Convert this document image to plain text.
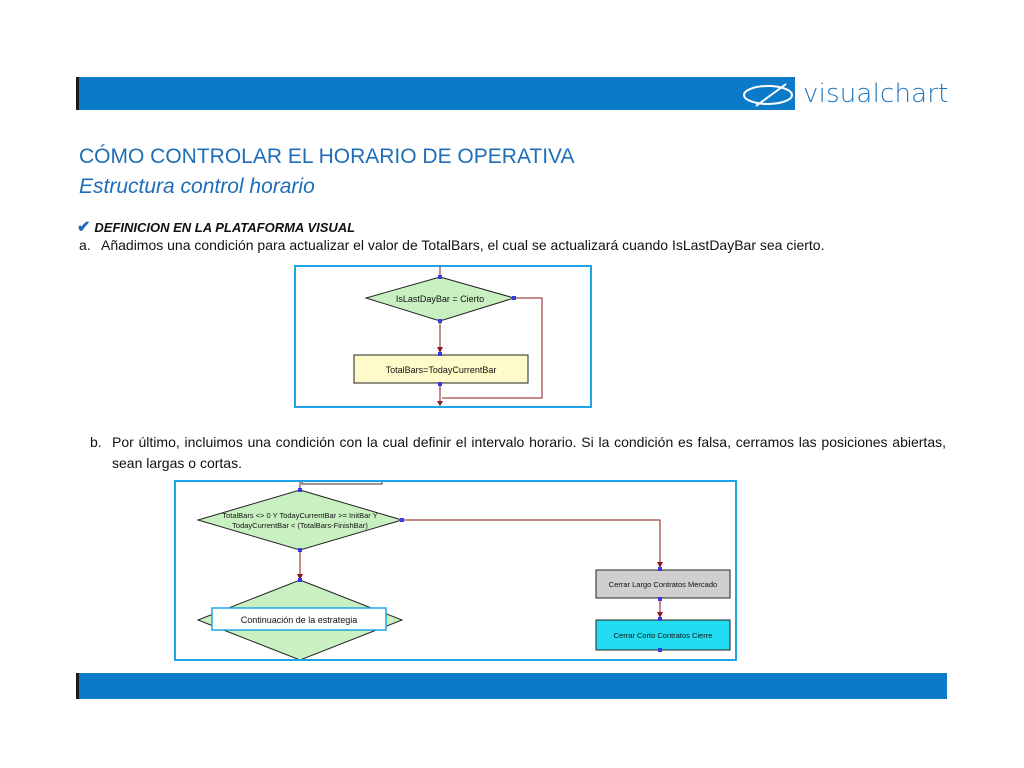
visualchart
CÓMO CONTROLAR EL HORARIO DE OPERATIVA
Estructura control horario
✔ DEFINICION EN LA PLATAFORMA VISUAL
a. Añadimos una condición para actualizar el valor de TotalBars, el cual se actualizará cuando IsLastDayBar sea cierto.
IsLastDayBar = Cierto
TotalBars=TodayCurrentBar
b. Por último, incluimos una condición con la cual definir el intervalo horario. Si la condición es falsa, cerramos las posiciones abiertas, sean largas o cortas.
TotalBars <> 0 Y TodayCurrentBar >= InitBar Y
TodayCurrentBar < (TotalBars-FinishBar)
Continuación de la estrategia
Cerrar Largo Contratos Mercado
Cerrar Corto Contratos Cierre
